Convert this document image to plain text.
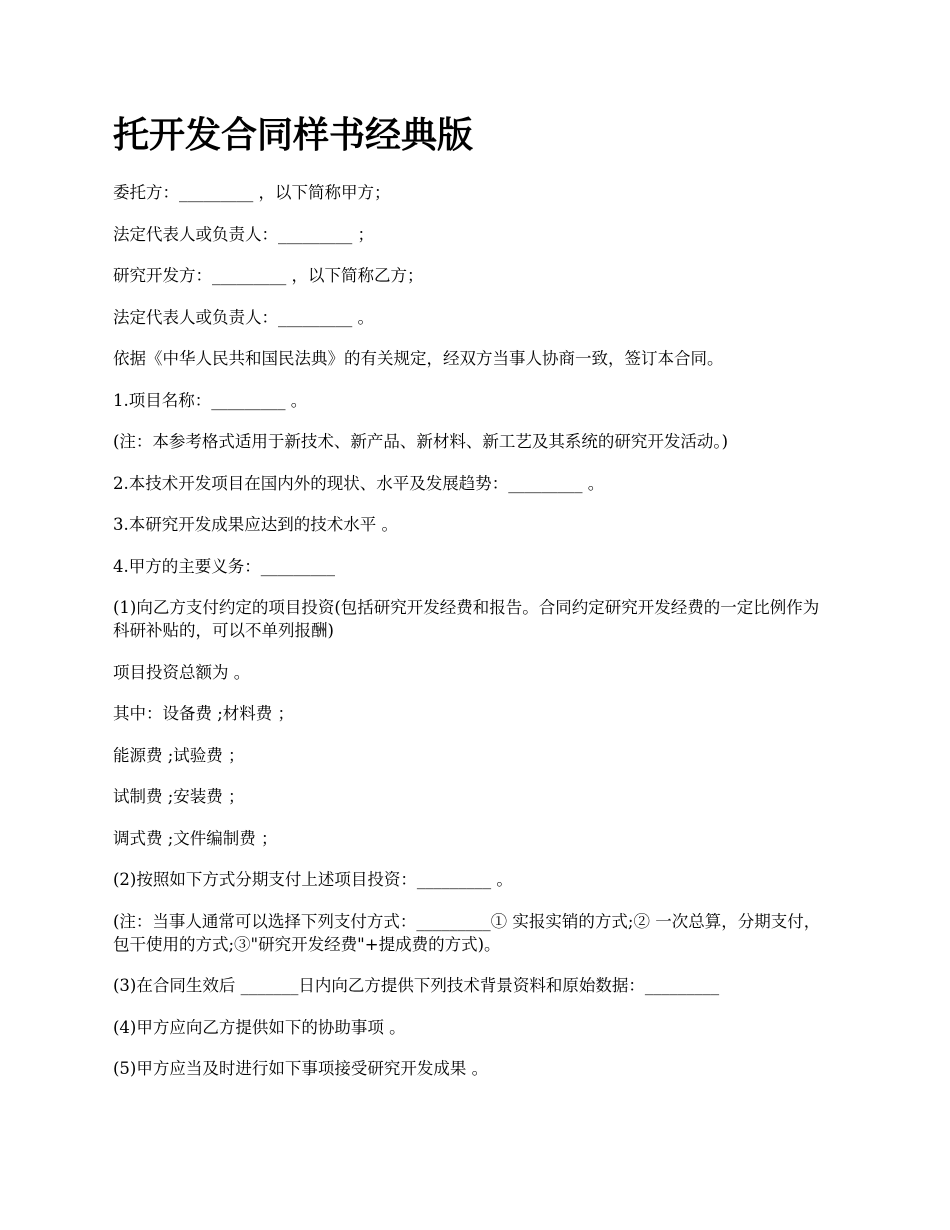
托开发合同样书经典版

委托方：_________ ，以下简称甲方；

法定代表人或负责人：_________ ；

研究开发方：_________ ，以下简称乙方；

法定代表人或负责人：_________ 。

依据《中华人民共和国民法典》的有关规定，经双方当事人协商一致，签订本合同。

1.项目名称：_________ 。

(注：本参考格式适用于新技术、新产品、新材料、新工艺及其系统的研究开发活动。)

2.本技术开发项目在国内外的现状、水平及发展趋势：_________ 。

3.本研究开发成果应达到的技术水平 。

4.甲方的主要义务：_________

(1)向乙方支付约定的项目投资(包括研究开发经费和报告。合同约定研究开发经费的一定比例作为科研补贴的，可以不单列报酬)

项目投资总额为 。

其中：设备费 ;材料费 ；

能源费 ;试验费 ；

试制费 ;安装费 ；

调式费 ;文件编制费 ；

(2)按照如下方式分期支付上述项目投资：_________ 。

(注：当事人通常可以选择下列支付方式：_________① 实报实销的方式;② 一次总算，分期支付，包干使用的方式;③"研究开发经费"+提成费的方式)。

(3)在合同生效后 _______日内向乙方提供下列技术背景资料和原始数据：_________

(4)甲方应向乙方提供如下的协助事项 。

(5)甲方应当及时进行如下事项接受研究开发成果 。
